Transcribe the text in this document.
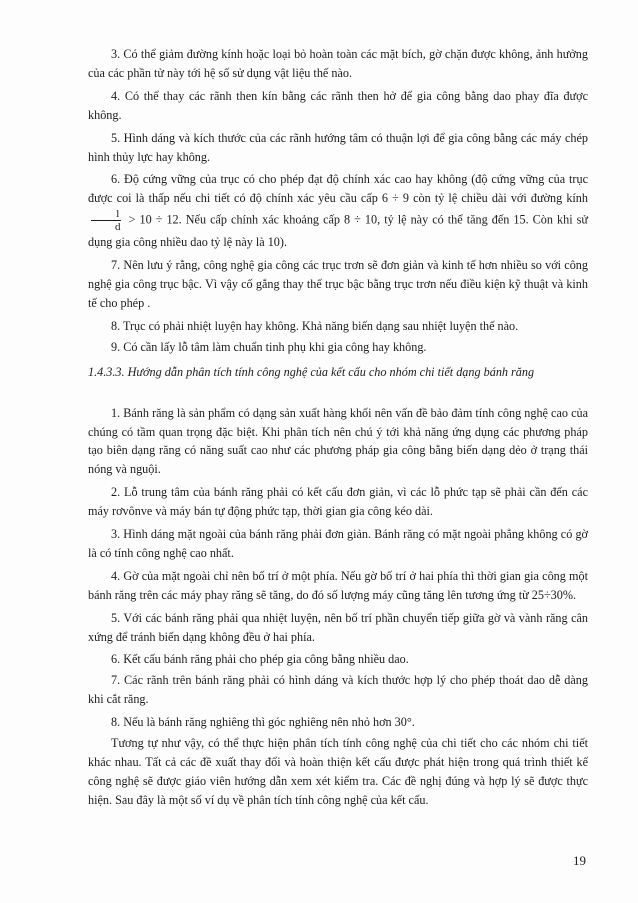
3. Có thể giảm đường kính hoặc loại bỏ hoàn toàn các mặt bích, gờ chặn được không, ảnh hưởng của các phần tử này tới hệ số sử dụng vật liệu thế nào.

4. Có thể thay các rãnh then kín bằng các rãnh then hở để gia công bằng dao phay đĩa được không.

5. Hình dáng và kích thước của các rãnh hướng tâm có thuận lợi để gia công bằng các máy chép hình thủy lực hay không.

6. Độ cứng vững của trục có cho phép đạt độ chính xác cao hay không (độ cứng vững của trục được coi là thấp nếu chi tiết có độ chính xác yêu cầu cấp 6 ÷ 9 còn tỷ lệ chiều dài với đường kính
$\frac{l}{d} > 10 \div 12$. Nếu cấp chính xác khoảng cấp 8 ÷ 10, tỷ lệ này có thể tăng đến 15. Còn khi sử dụng gia công nhiều dao tỷ lệ này là 10).

7. Nên lưu ý rằng, công nghệ gia công các trục trơn sẽ đơn giản và kinh tế hơn nhiều so với công nghệ gia công trục bậc. Vì vậy cố gắng thay thế trục bậc bằng trục trơn nếu điều kiện kỹ thuật và kinh tế cho phép .

8. Trục có phải nhiệt luyện hay không. Khả năng biến dạng sau nhiệt luyện thế nào.

9. Có cần lấy lỗ tâm làm chuẩn tinh phụ khi gia công hay không.

1.4.3.3. Hướng dẫn phân tích tính công nghệ của kết cấu cho nhóm chi tiết dạng bánh răng

1. Bánh răng là sản phẩm có dạng sản xuất hàng khối nên vấn đề bảo đảm tính công nghệ cao của chúng có tầm quan trọng đặc biệt. Khi phân tích nên chú ý tới khả năng ứng dụng các phương pháp tạo biên dạng răng có năng suất cao như các phương pháp gia công bằng biến dạng dẻo ở trạng thái nóng và nguội.

2. Lỗ trung tâm của bánh răng phải có kết cấu đơn giản, vì các lỗ phức tạp sẽ phải cần đến các máy rơvônve và máy bán tự động phức tạp, thời gian gia công kéo dài.

3. Hình dáng mặt ngoài của bánh răng phải đơn giản. Bánh răng có mặt ngoài phẳng không có gờ là có tính công nghệ cao nhất.

4. Gờ của mặt ngoài chỉ nên bố trí ở một phía. Nếu gờ bố trí ở hai phía thì thời gian gia công một bánh răng trên các máy phay răng sẽ tăng, do đó số lượng máy cũng tăng lên tương ứng từ 25÷30%.

5. Với các bánh răng phải qua nhiệt luyện, nên bố trí phần chuyển tiếp giữa gờ và vành răng cân xứng để tránh biến dạng không đều ở hai phía.

6. Kết cấu bánh răng phải cho phép gia công bằng nhiều dao.

7. Các rãnh trên bánh răng phải có hình dáng và kích thước hợp lý cho phép thoát dao dễ dàng khi cắt răng.

8. Nếu là bánh răng nghiêng thì góc nghiêng nên nhỏ hơn 30°.

Tương tự như vậy, có thể thực hiện phân tích tính công nghệ của chi tiết cho các nhóm chi tiết khác nhau. Tất cả các đề xuất thay đổi và hoàn thiện kết cấu được phát hiện trong quá trình thiết kế công nghệ sẽ được giáo viên hướng dẫn xem xét kiểm tra. Các đề nghị đúng và hợp lý sẽ được thực hiện. Sau đây là một số ví dụ về phân tích tính công nghệ của kết cấu.

19
